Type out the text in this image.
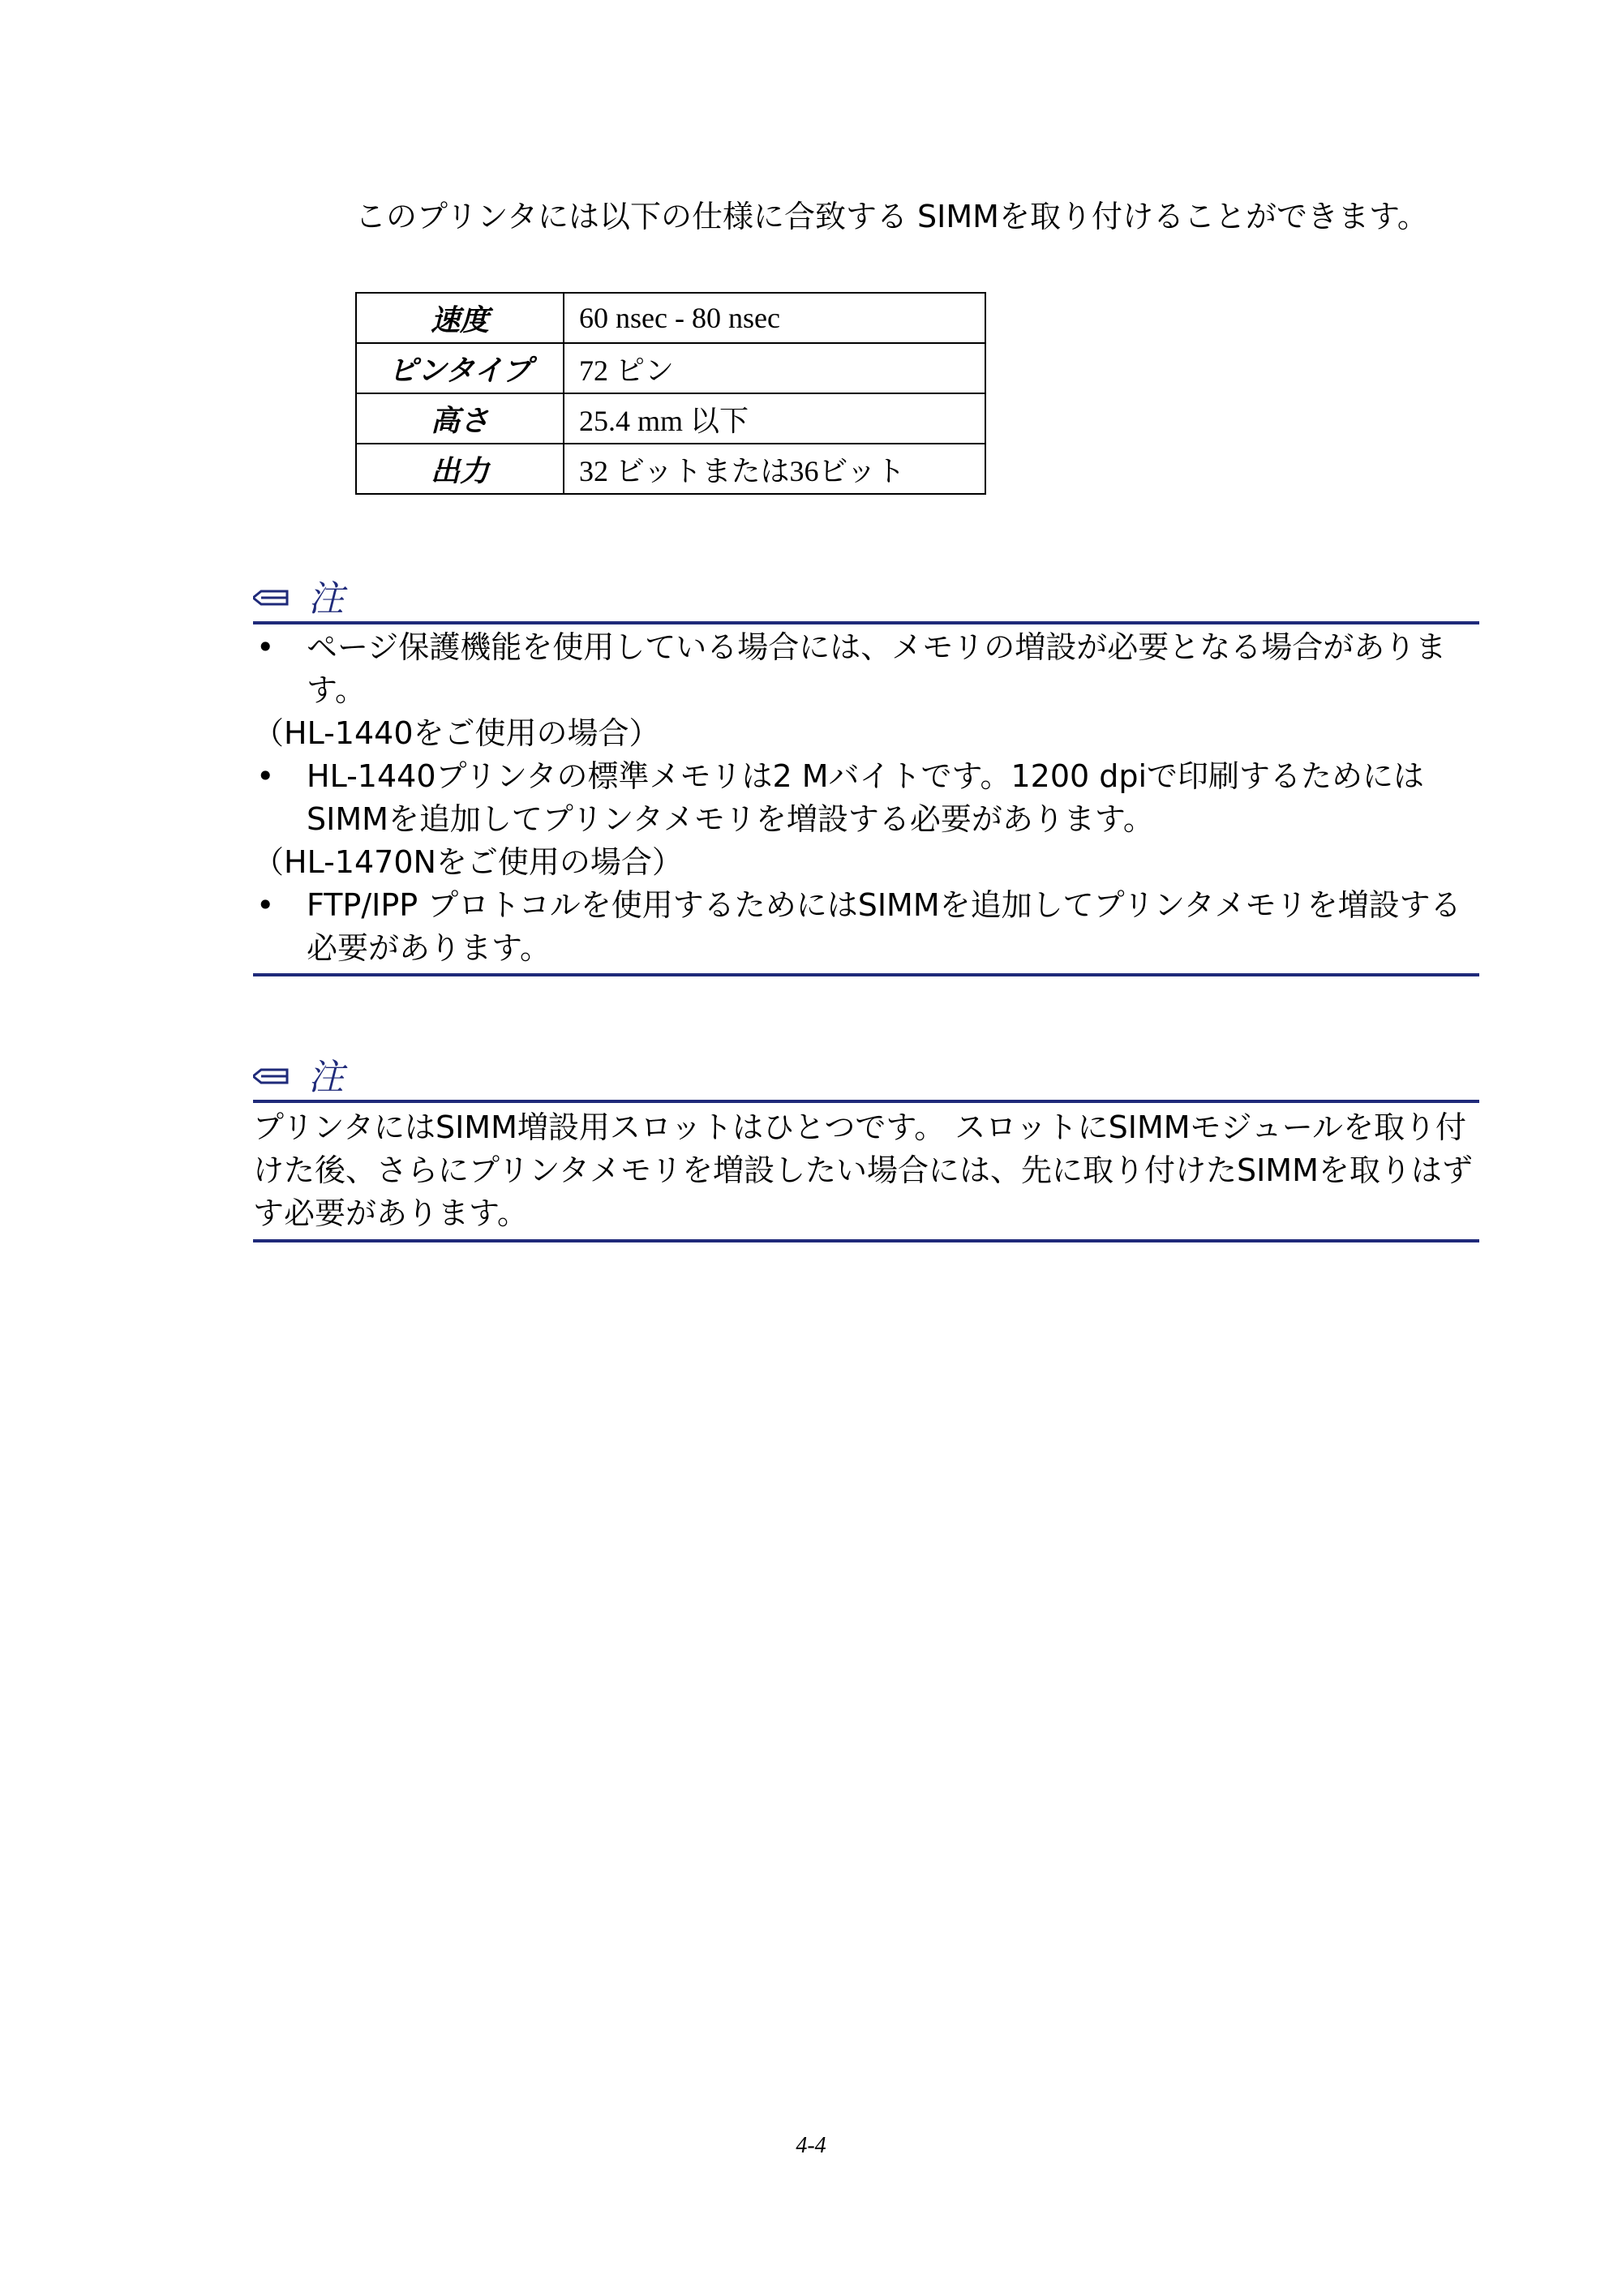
このプリンタには以下の仕様に合致する SIMMを取り付けることができます。
速度	60 nsec - 80 nsec
ピンタイプ	72 ピン
高さ	25.4 mm 以下
出力	32 ビットまたは36ビット
注
• ページ保護機能を使用している場合には、メモリの増設が必要となる場合があります。
（HL-1440をご使用の場合）
• HL-1440プリンタの標準メモリは2 Mバイトです。1200 dpiで印刷するためにはSIMMを追加してプリンタメモリを増設する必要があります。
（HL-1470Nをご使用の場合）
• FTP/IPP プロトコルを使用するためにはSIMMを追加してプリンタメモリを増設する必要があります。
注
プリンタにはSIMM増設用スロットはひとつです。 スロットにSIMMモジュールを取り付けた後、さらにプリンタメモリを増設したい場合には、先に取り付けたSIMMを取りはずす必要があります。
4-4
